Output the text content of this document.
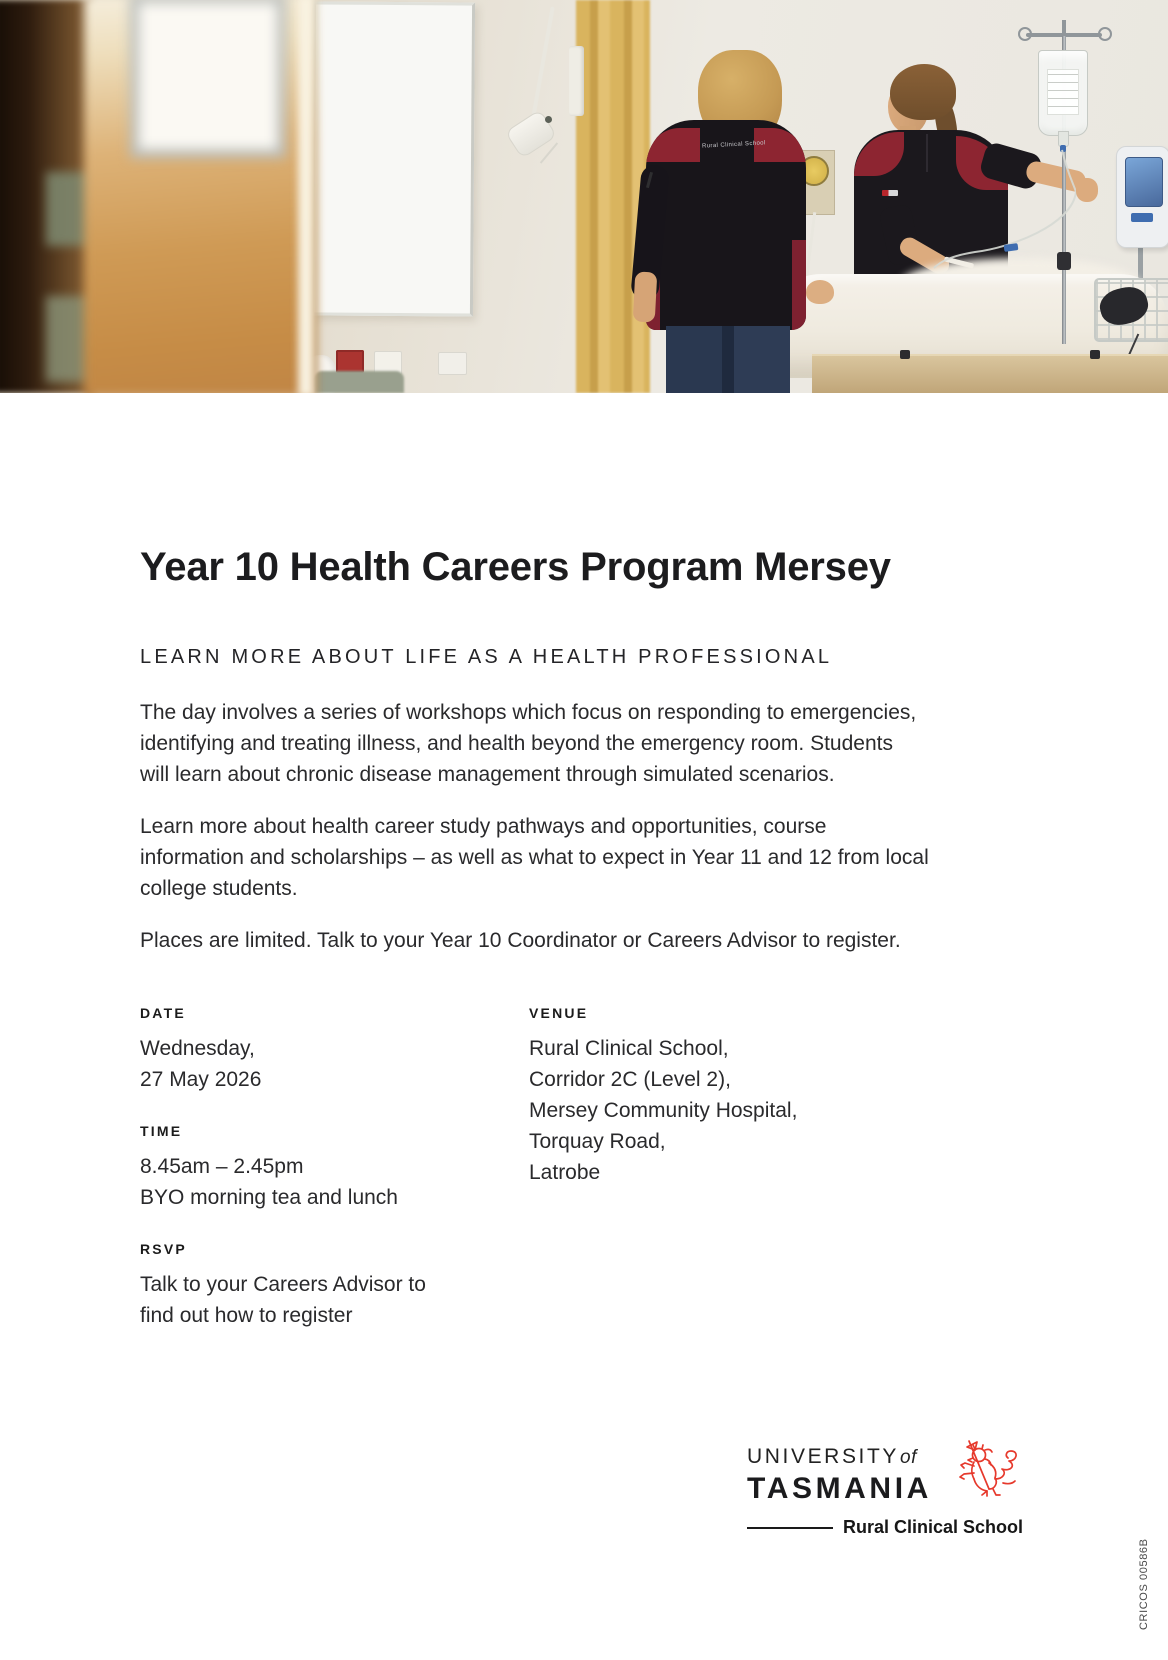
Rural Clinical School
Year 10 Health Careers Program Mersey
LEARN MORE ABOUT LIFE AS A HEALTH PROFESSIONAL
The day involves a series of workshops which focus on responding to emergencies,
identifying and treating illness, and health beyond the emergency room. Students
will learn about chronic disease management through simulated scenarios.
Learn more about health career study pathways and opportunities, course
information and scholarships – as well as what to expect in Year 11 and 12 from local
college students.
Places are limited. Talk to your Year 10 Coordinator or Careers Advisor to register.
DATE
Wednesday,
27 May 2026
TIME
8.45am – 2.45pm
BYO morning tea and lunch
RSVP
Talk to your Careers Advisor to
find out how to register
VENUE
Rural Clinical School,
Corridor 2C (Level 2),
Mersey Community Hospital,
Torquay Road,
Latrobe
UNIVERSITYof
TASMANIA
Rural Clinical School
CRICOS 00586B
